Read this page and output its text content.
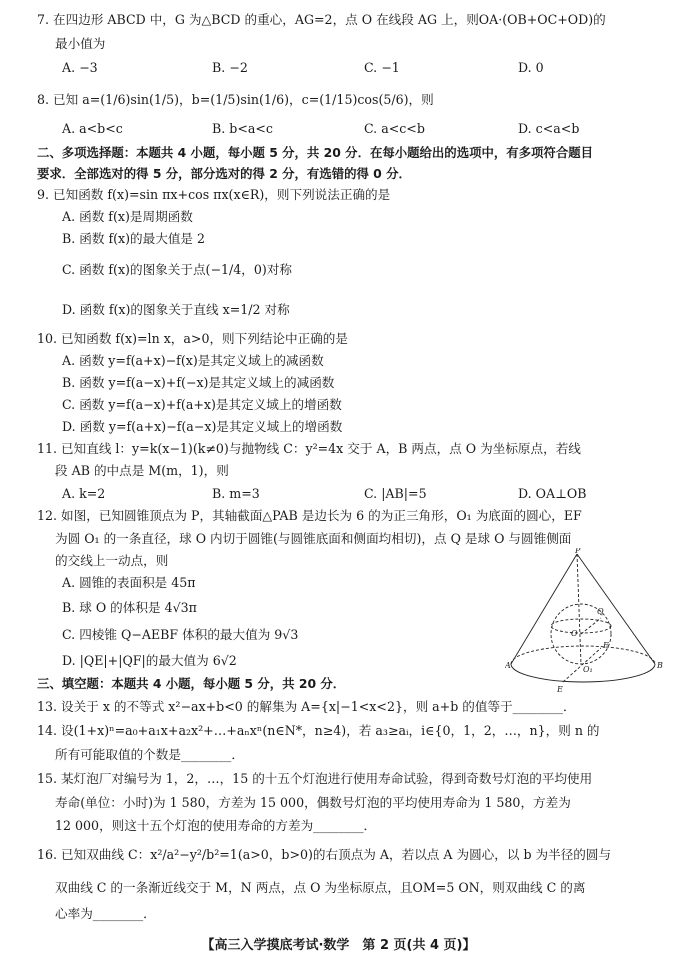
7. 在四边形 ABCD 中，G 为△BCD 的重心，AG=2，点 O 在线段 AG 上，则OA·(OB+OC+OD)的
最小值为
A. −3	B. −2	C. −1	D. 0
8. 已知 a=(1/6)sin(1/5)，b=(1/5)sin(1/6)，c=(1/15)cos(5/6)，则
A. a<b<c	B. b<a<c	C. a<c<b	D. c<a<b
二、多项选择题：本题共 4 小题，每小题 5 分，共 20 分．在每小题给出的选项中，有多项符合题目
要求．全部选对的得 5 分，部分选对的得 2 分，有选错的得 0 分．
9. 已知函数 f(x)=sin πx+cos πx(x∈R)，则下列说法正确的是
A. 函数 f(x)是周期函数
B. 函数 f(x)的最大值是 2
C. 函数 f(x)的图象关于点(−1/4，0)对称
D. 函数 f(x)的图象关于直线 x=1/2 对称
10. 已知函数 f(x)=ln x，a>0，则下列结论中正确的是
A. 函数 y=f(a+x)−f(x)是其定义域上的减函数
B. 函数 y=f(a−x)+f(−x)是其定义域上的减函数
C. 函数 y=f(a−x)+f(a+x)是其定义域上的增函数
D. 函数 y=f(a+x)−f(a−x)是其定义域上的增函数
11. 已知直线 l：y=k(x−1)(k≠0)与抛物线 C：y²=4x 交于 A，B 两点，点 O 为坐标原点，若线
段 AB 的中点是 M(m，1)，则
A. k=2	B. m=3	C. |AB|=5	D. OA⊥OB
12. 如图，已知圆锥顶点为 P，其轴截面△PAB 是边长为 6 的为正三角形，O₁ 为底面的圆心，EF
为圆 O₁ 的一条直径，球 O 内切于圆锥(与圆锥底面和侧面均相切)，点 Q 是球 O 与圆锥侧面
的交线上一动点，则
A. 圆锥的表面积是 45π
B. 球 O 的体积是 4√3π
C. 四棱锥 Q−AEBF 体积的最大值为 9√3
D. |QE|+|QF|的最大值为 6√2
P
Q
O
O₁
A	B
E
F
三、填空题：本题共 4 小题，每小题 5 分，共 20 分．
13. 设关于 x 的不等式 x²−ax+b<0 的解集为 A={x|−1<x<2}，则 a+b 的值等于________．
14. 设(1+x)ⁿ=a₀+a₁x+a₂x²+…+aₙxⁿ(n∈N*，n≥4)，若 a₃≥aᵢ，i∈{0，1，2，…，n}，则 n 的
所有可能取值的个数是________．
15. 某灯泡厂对编号为 1，2，…，15 的十五个灯泡进行使用寿命试验，得到奇数号灯泡的平均使用
寿命(单位：小时)为 1 580，方差为 15 000，偶数号灯泡的平均使用寿命为 1 580，方差为
12 000，则这十五个灯泡的使用寿命的方差为________．
16. 已知双曲线 C：x²/a²−y²/b²=1(a>0，b>0)的右顶点为 A，若以点 A 为圆心，以 b 为半径的圆与
双曲线 C 的一条渐近线交于 M，N 两点，点 O 为坐标原点，且OM=5 ON，则双曲线 C 的离
心率为________．
【高三入学摸底考试·数学　第 2 页(共 4 页)】
